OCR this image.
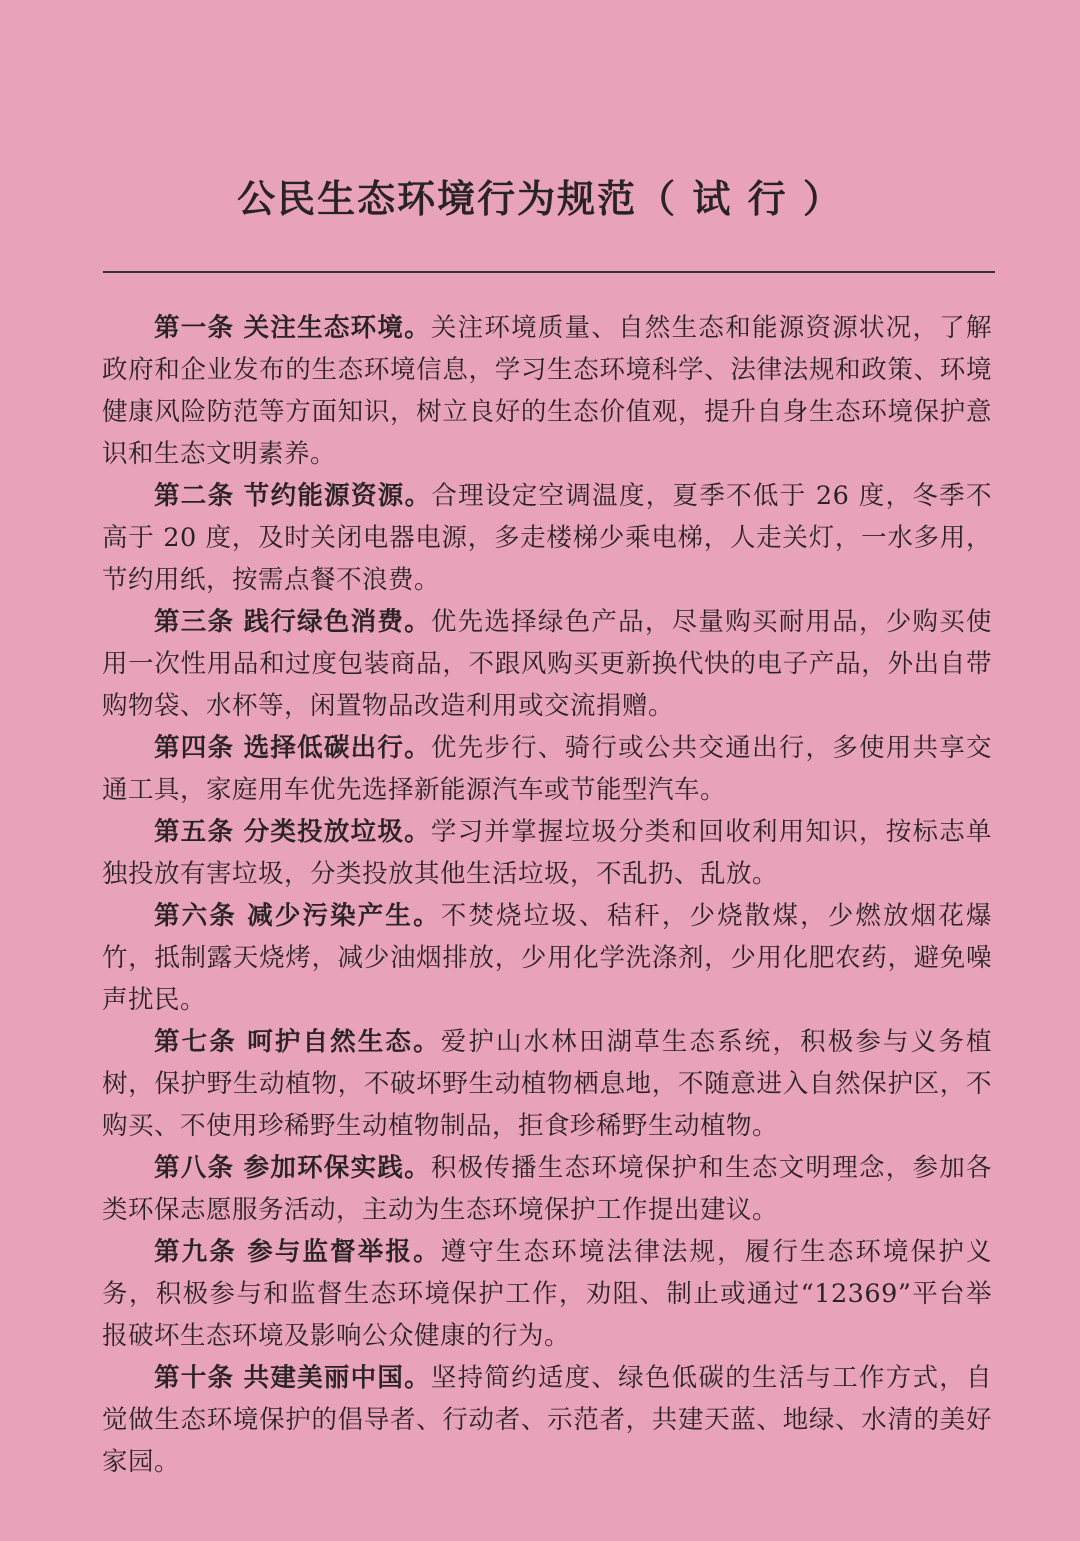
公民生态环境行为规范（ 试 行 ）

第一条 关注生态环境。关注环境质量、自然生态和能源资源状况，了解政府和企业发布的生态环境信息，学习生态环境科学、法律法规和政策、环境健康风险防范等方面知识，树立良好的生态价值观，提升自身生态环境保护意识和生态文明素养。

第二条 节约能源资源。合理设定空调温度，夏季不低于 26 度，冬季不高于 20 度，及时关闭电器电源，多走楼梯少乘电梯，人走关灯，一水多用，节约用纸，按需点餐不浪费。

第三条 践行绿色消费。优先选择绿色产品，尽量购买耐用品，少购买使用一次性用品和过度包装商品，不跟风购买更新换代快的电子产品，外出自带购物袋、水杯等，闲置物品改造利用或交流捐赠。

第四条 选择低碳出行。优先步行、骑行或公共交通出行，多使用共享交通工具，家庭用车优先选择新能源汽车或节能型汽车。

第五条 分类投放垃圾。学习并掌握垃圾分类和回收利用知识，按标志单独投放有害垃圾，分类投放其他生活垃圾，不乱扔、乱放。

第六条 减少污染产生。不焚烧垃圾、秸秆，少烧散煤，少燃放烟花爆竹，抵制露天烧烤，减少油烟排放，少用化学洗涤剂，少用化肥农药，避免噪声扰民。

第七条 呵护自然生态。爱护山水林田湖草生态系统，积极参与义务植树，保护野生动植物，不破坏野生动植物栖息地，不随意进入自然保护区，不购买、不使用珍稀野生动植物制品，拒食珍稀野生动植物。

第八条 参加环保实践。积极传播生态环境保护和生态文明理念，参加各类环保志愿服务活动，主动为生态环境保护工作提出建议。

第九条 参与监督举报。遵守生态环境法律法规，履行生态环境保护义务，积极参与和监督生态环境保护工作，劝阻、制止或通过“12369”平台举报破坏生态环境及影响公众健康的行为。

第十条 共建美丽中国。坚持简约适度、绿色低碳的生活与工作方式，自觉做生态环境保护的倡导者、行动者、示范者，共建天蓝、地绿、水清的美好家园。
